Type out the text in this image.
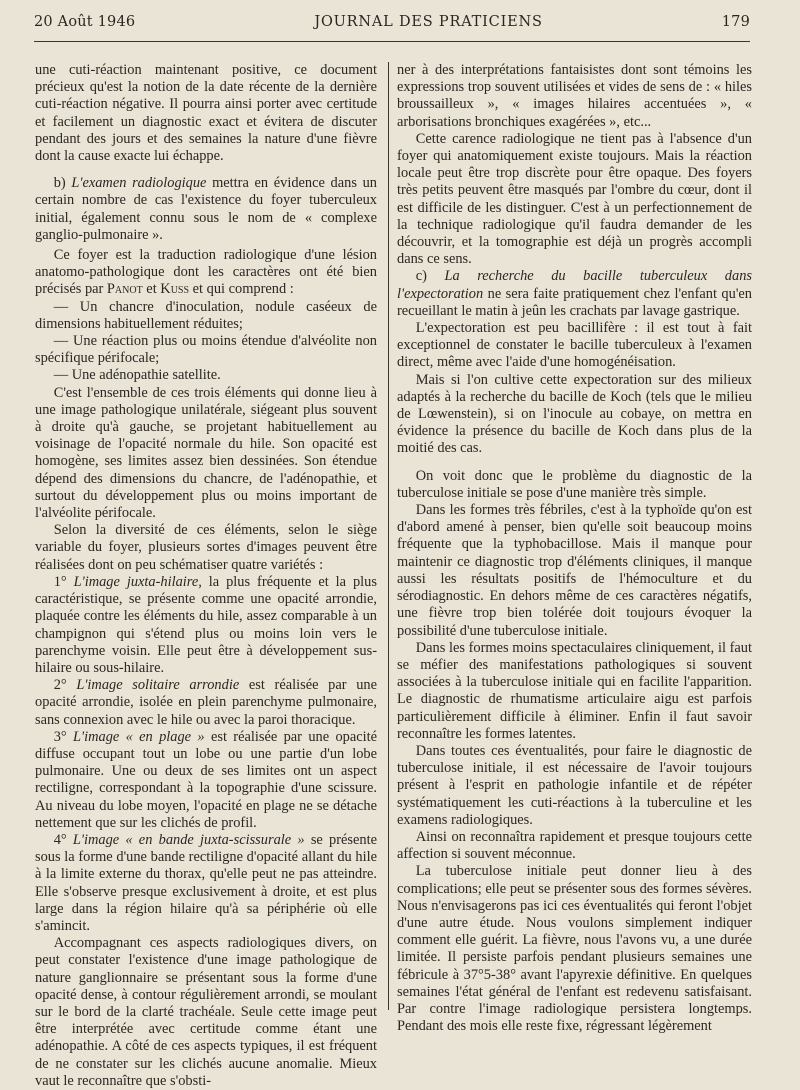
20 Août 1946	JOURNAL DES PRATICIENS	179

une cuti-réaction maintenant positive, ce document précieux qu'est la notion de la date récente de la dernière cuti-réaction négative. Il pourra ainsi porter avec certitude et facilement un diagnostic exact et évitera de discuter pendant des jours et des semaines la nature d'une fièvre dont la cause exacte lui échappe.

b) L'examen radiologique mettra en évidence dans un certain nombre de cas l'existence du foyer tuberculeux initial, également connu sous le nom de « complexe ganglio-pulmonaire ».

Ce foyer est la traduction radiologique d'une lésion anatomo-pathologique dont les caractères ont été bien précisés par Panot et Kuss et qui comprend :

— Un chancre d'inoculation, nodule caséeux de dimensions habituellement réduites;

— Une réaction plus ou moins étendue d'alvéolite non spécifique périfocale;

— Une adénopathie satellite.

C'est l'ensemble de ces trois éléments qui donne lieu à une image pathologique unilatérale, siégeant plus souvent à droite qu'à gauche, se projetant habituellement au voisinage de l'opacité normale du hile. Son opacité est homogène, ses limites assez bien dessinées. Son étendue dépend des dimensions du chancre, de l'adénopathie, et surtout du développement plus ou moins important de l'alvéolite périfocale.

Selon la diversité de ces éléments, selon le siège variable du foyer, plusieurs sortes d'images peuvent être réalisées dont on peu schématiser quatre variétés :

1° L'image juxta-hilaire, la plus fréquente et la plus caractéristique, se présente comme une opacité arrondie, plaquée contre les éléments du hile, assez comparable à un champignon qui s'étend plus ou moins loin vers le parenchyme voisin. Elle peut être à développement sus-hilaire ou sous-hilaire.

2° L'image solitaire arrondie est réalisée par une opacité arrondie, isolée en plein parenchyme pulmonaire, sans connexion avec le hile ou avec la paroi thoracique.

3° L'image « en plage » est réalisée par une opacité diffuse occupant tout un lobe ou une partie d'un lobe pulmonaire. Une ou deux de ses limites ont un aspect rectiligne, correspondant à la topographie d'une scissure. Au niveau du lobe moyen, l'opacité en plage ne se détache nettement que sur les clichés de profil.

4° L'image « en bande juxta-scissurale » se présente sous la forme d'une bande rectiligne d'opacité allant du hile à la limite externe du thorax, qu'elle peut ne pas atteindre. Elle s'observe presque exclusivement à droite, et est plus large dans la région hilaire qu'à sa périphérie où elle s'amincit.

Accompagnant ces aspects radiologiques divers, on peut constater l'existence d'une image pathologique de nature ganglionnaire se présentant sous la forme d'une opacité dense, à contour régulièrement arrondi, se moulant sur le bord de la clarté trachéale. Seule cette image peut être interprétée avec certitude comme étant une adénopathie. A côté de ces aspects typiques, il est fréquent de ne constater sur les clichés aucune anomalie. Mieux vaut le reconnaître que s'obsti-

ner à des interprétations fantaisistes dont sont témoins les expressions trop souvent utilisées et vides de sens de : « hiles broussailleux », « images hilaires accentuées », « arborisations bronchiques exagérées », etc...

Cette carence radiologique ne tient pas à l'absence d'un foyer qui anatomiquement existe toujours. Mais la réaction locale peut être trop discrète pour être opaque. Des foyers très petits peuvent être masqués par l'ombre du cœur, dont il est difficile de les distinguer. C'est à un perfectionnement de la technique radiologique qu'il faudra demander de les découvrir, et la tomographie est déjà un progrès accompli dans ce sens.

c) La recherche du bacille tuberculeux dans l'expectoration ne sera faite pratiquement chez l'enfant qu'en recueillant le matin à jeûn les crachats par lavage gastrique.

L'expectoration est peu bacillifère : il est tout à fait exceptionnel de constater le bacille tuberculeux à l'examen direct, même avec l'aide d'une homogénéisation.

Mais si l'on cultive cette expectoration sur des milieux adaptés à la recherche du bacille de Koch (tels que le milieu de Lœwenstein), si on l'inocule au cobaye, on mettra en évidence la présence du bacille de Koch dans plus de la moitié des cas.

On voit donc que le problème du diagnostic de la tuberculose initiale se pose d'une manière très simple.

Dans les formes très fébriles, c'est à la typhoïde qu'on est d'abord amené à penser, bien qu'elle soit beaucoup moins fréquente que la typhobacillose. Mais il manque pour maintenir ce diagnostic trop d'éléments cliniques, il manque aussi les résultats positifs de l'hémoculture et du sérodiagnostic. En dehors même de ces caractères négatifs, une fièvre trop bien tolérée doit toujours évoquer la possibilité d'une tuberculose initiale.

Dans les formes moins spectaculaires cliniquement, il faut se méfier des manifestations pathologiques si souvent associées à la tuberculose initiale qui en facilite l'apparition. Le diagnostic de rhumatisme articulaire aigu est parfois particulièrement difficile à éliminer. Enfin il faut savoir reconnaître les formes latentes.

Dans toutes ces éventualités, pour faire le diagnostic de tuberculose initiale, il est nécessaire de l'avoir toujours présent à l'esprit en pathologie infantile et de répéter systématiquement les cuti-réactions à la tuberculine et les examens radiologiques.

Ainsi on reconnaîtra rapidement et presque toujours cette affection si souvent méconnue.

La tuberculose initiale peut donner lieu à des complications; elle peut se présenter sous des formes sévères. Nous n'envisagerons pas ici ces éventualités qui feront l'objet d'une autre étude. Nous voulons simplement indiquer comment elle guérit. La fièvre, nous l'avons vu, a une durée limitée. Il persiste parfois pendant plusieurs semaines une fébricule à 37°5-38° avant l'apyrexie définitive. En quelques semaines l'état général de l'enfant est redevenu satisfaisant. Par contre l'image radiologique persistera longtemps. Pendant des mois elle reste fixe, régressant légèrement
